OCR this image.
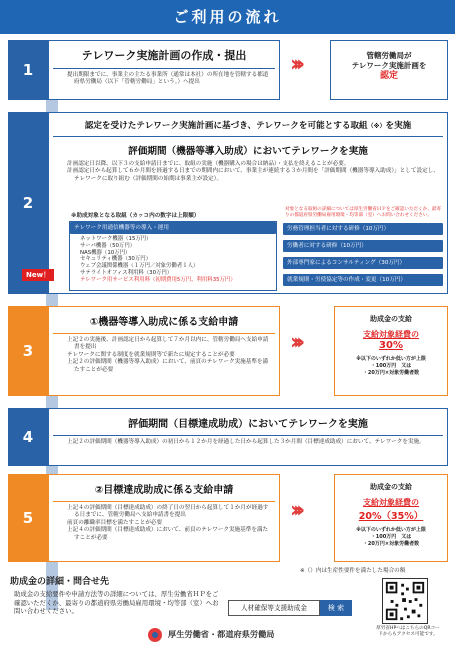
ご利用の流れ
1
テレワーク実施計画の作成・提出
提出期限までに、事業主の主たる事業所（通常は本社）の所在地を管轄する都道府県労働局（以下「管轄労働局」という。）へ提出
›››	管轄労働局が
テレワーク実施計画を
認定
2
認定を受けたテレワーク実施計画に基づき、テレワークを可能とする取組（※）を実施
評価期間（機器等導入助成）においてテレワークを実施
計画認定日以降、以下３の支給申請日までに、取組の実施（機器購入の場合は納品）・支払を終えることが必要。
計画認定日から起算して６か月間を経過する日までの期間内において、事業主が連続する３か月間を「評価期間（機器等導入助成）」として設定し、テレワークに取り組む（評価期間の始期は事業主が設定）。
※助成対象となる取組（カッコ内の数字は上限額）
対象となる取組の詳細については厚生労働省ＨＰをご確認いただくか、最寄りの都道府県労働局雇用環境・均等部（室）へお問い合わせください。
テレワーク用通信機器等の導入・運用
ネットワーク機器（15万円）
サーバ機器（50万円）
NAS機器（10万円）
セキュリティ機器（30万円）
ウェブ会議関係機器（１万円／対象労働者１人）
サテライトオフィス利用料（30万円）
テレワーク用サービス利用料（初期費用5万円、利用料35万円）
労務管理担当者に対する研修（10万円）
労働者に対する研修（10万円）
外部専門家によるコンサルティング（30万円）
就業規則・労使協定等の作成・変更（10万円）
New！
3
①機器等導入助成に係る支給申請
上記２の実施後、計画認定日から起算して７か月以内に、管轄労働局へ支給申請書を提出
テレワークに関する制度を就業規則等で新たに規定することが必要
上記２の評価期間（機器等導入助成）において、前頁のテレワーク実施基準を満たすことが必要
›››
助成金の支給
支給対象経費の
30%
※以下のいずれか低い方が上限
・100万円　又は
・20万円×対象労働者数
4
評価期間（目標達成助成）においてテレワークを実施
上記２の評価期間（機器等導入助成）の初日から１２か月を経過した日から起算した３か月間（目標達成助成）において、テレワークを実施。
5
②目標達成助成に係る支給申請
上記４の評価期間（目標達成助成）の終了日の翌日から起算して１か月が経過する日までに、管轄労働局へ支給申請書を提出
前頁の離職率目標を満たすことが必要
上記４の評価期間（目標達成助成）において、前頁のテレワーク実施基準を満たすことが必要
›››
助成金の支給
支給対象経費の
20%（35%）
※以下のいずれか低い方が上限
・100万円　又は
・20万円×対象労働者数
※（）内は生産性要件を満たした場合の額
助成金の詳細・問合せ先
助成金の支給要件や申請方法等の詳細については、厚生労働省ＨＰをご確認いただくか、最寄りの都道府県労働局雇用環境・均等部（室）へお問い合わせください。	人材確保等支援助成金	検 索
厚労省HPへはこちらのQRコードからもアクセス可能です。
厚生労働省・都道府県労働局
